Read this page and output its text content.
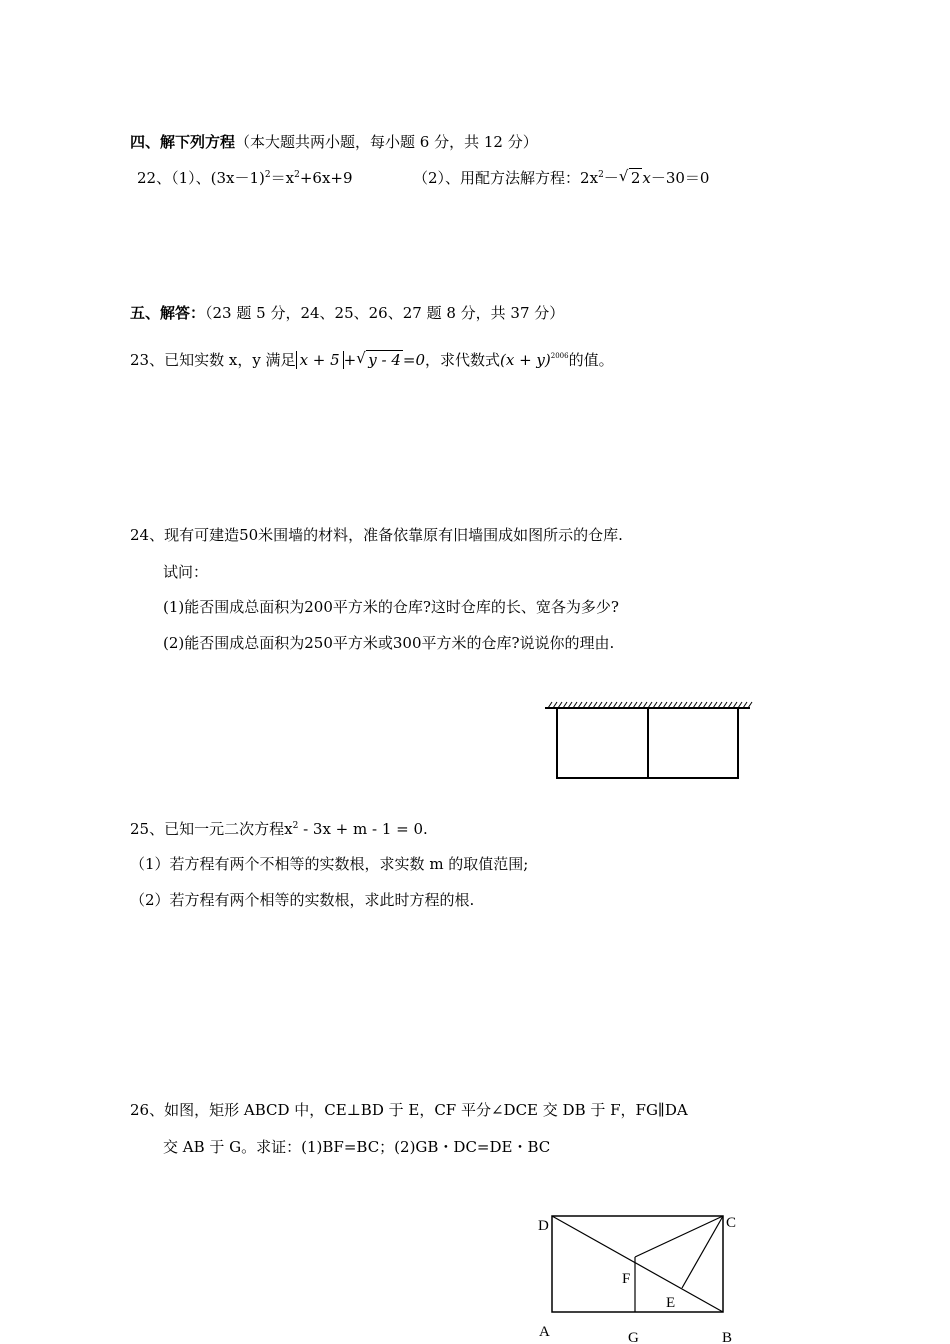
四、解下列方程（本大题共两小题，每小题 6 分，共 12 分）
22、（1）、$(3x-1)^2=x^2+6x+9$	（2）、用配方法解方程：$2x^2-$ √ 2 x－30＝0
五、解答：（23 题 5 分，24、25、26、27 题 8 分，共 37 分）
23、已知实数 x，y 满足 x + 5 + √ y - 4 =0，求代数式$(x + y)^{2006}$的值。
24、现有可建造50米围墙的材料，准备依靠原有旧墙围成如图所示的仓库.
试问：
(1)能否围成总面积为200平方米的仓库?这时仓库的长、宽各为多少?
(2)能否围成总面积为250平方米或300平方米的仓库?说说你的理由.
25、已知一元二次方程$x^2 - 3x + m - 1 = 0$.
（1）若方程有两个不相等的实数根，求实数 m 的取值范围;
（2）若方程有两个相等的实数根，求此时方程的根.
26、如图，矩形 ABCD 中，CE⊥BD 于 E，CF 平分∠DCE 交 DB 于 F，FG∥DA
交 AB 于 G。求证：(1)BF=BC；(2)GB・DC=DE・BC
D	C
F
E
A	G	B
